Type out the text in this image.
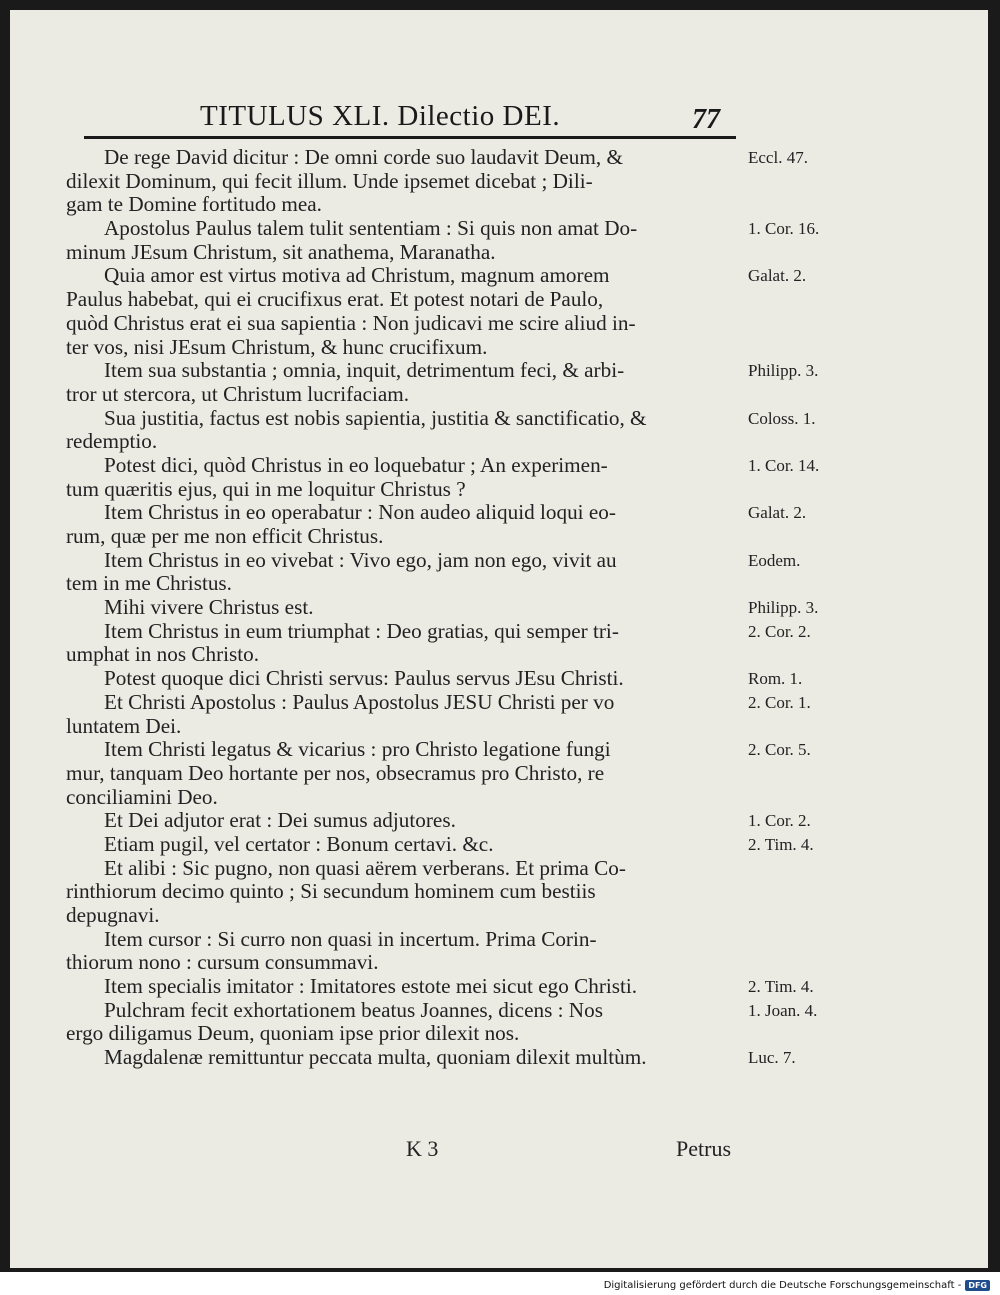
TITULUS XLI. Dilectio DEI.	77
De rege David dicitur : De omni corde suo laudavit Deum, &
dilexit Dominum, qui fecit illum. Unde ipsemet dicebat ; Dili-
gam te Domine fortitudo mea.
Apostolus Paulus talem tulit sententiam : Si quis non amat Do-
minum JEsum Christum, sit anathema, Maranatha.
Quia amor est virtus motiva ad Christum, magnum amorem
Paulus habebat, qui ei crucifixus erat. Et potest notari de Paulo,
quòd Christus erat ei sua sapientia : Non judicavi me scire aliud in-
ter vos, nisi JEsum Christum, & hunc crucifixum.
Item sua substantia ; omnia, inquit, detrimentum feci, & arbi-
tror ut stercora, ut Christum lucrifaciam.
Sua justitia, factus est nobis sapientia, justitia & sanctificatio, &
redemptio.
Potest dici, quòd Christus in eo loquebatur ; An experimen-
tum quæritis ejus, qui in me loquitur Christus ?
Item Christus in eo operabatur : Non audeo aliquid loqui eo-
rum, quæ per me non efficit Christus.
Item Christus in eo vivebat : Vivo ego, jam non ego, vivit au
tem in me Christus.
Mihi vivere Christus est.
Item Christus in eum triumphat : Deo gratias, qui semper tri-
umphat in nos Christo.
Potest quoque dici Christi servus: Paulus servus JEsu Christi.
Et Christi Apostolus : Paulus Apostolus JESU Christi per vo
luntatem Dei.
Item Christi legatus & vicarius : pro Christo legatione fungi
mur, tanquam Deo hortante per nos, obsecramus pro Christo, re
conciliamini Deo.
Et Dei adjutor erat : Dei sumus adjutores.
Etiam pugil, vel certator : Bonum certavi. &c.
Et alibi : Sic pugno, non quasi aërem verberans. Et prima Co-
rinthiorum decimo quinto ; Si secundum hominem cum bestiis
depugnavi.
Item cursor : Si curro non quasi in incertum. Prima Corin-
thiorum nono : cursum consummavi.
Item specialis imitator : Imitatores estote mei sicut ego Christi.
Pulchram fecit exhortationem beatus Joannes, dicens : Nos
ergo diligamus Deum, quoniam ipse prior dilexit nos.
Magdalenæ remittuntur peccata multa, quoniam dilexit multùm.
Eccl. 47.
1. Cor. 16.
Galat. 2.
Philipp. 3.
Coloss. 1.
1. Cor. 14.
Galat. 2.
Eodem.
Philipp. 3.
2. Cor. 2.
Rom. 1.
2. Cor. 1.
2. Cor. 5.
1. Cor. 2.
2. Tim. 4.
2. Tim. 4.
1. Joan. 4.
Luc. 7.
K 3	Petrus
Digitalisierung gefördert durch die Deutsche Forschungsgemeinschaft - DFG
